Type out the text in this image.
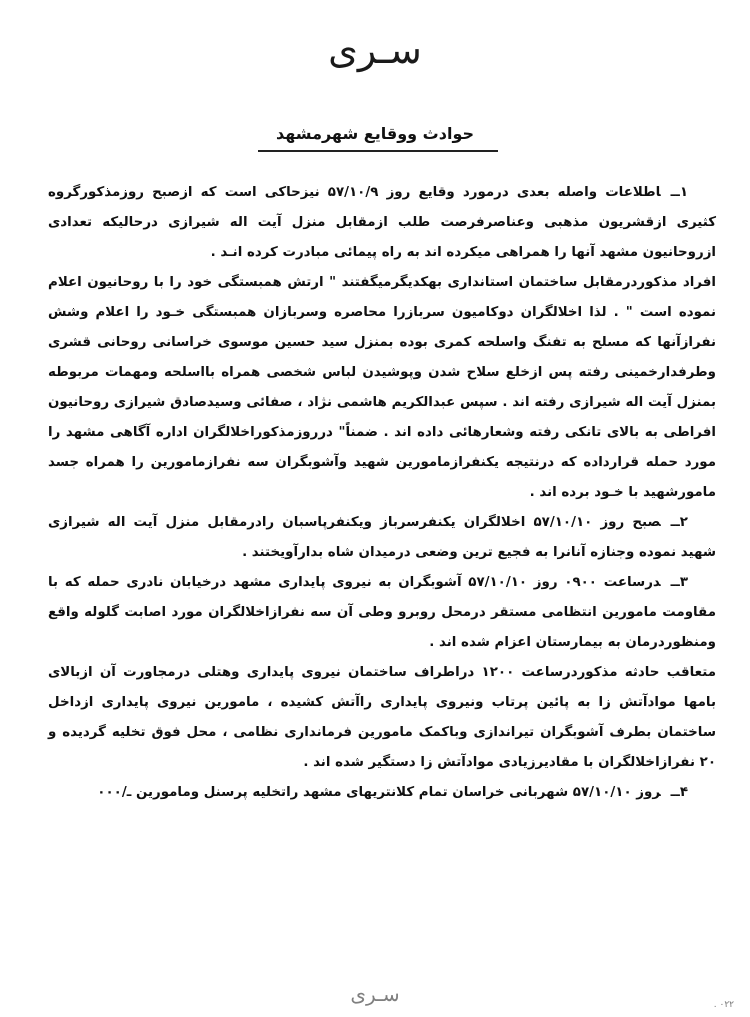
سـری
حوادث ووقایع شهرمشهد

۱ــاطلاعات واصله بعدی درمورد وقایع روز ۵۷/۱۰/۹ نیزحاکی است که ازصبح روزمذکورگروه کثیری ازقشریون مذهبی وعناصرفرصت طلب ازمقابل منزل آیت اله شیرازی درحالیکه تعدادی ازروحانیون مشهد آنها را همراهی میکرده اند به راه پیمائی مبادرت کرده انـد .

افراد مذکوردرمقابل ساختمان استانداری بهکدیگرمیگفتند " ارتش همبستگی خود را با روحانیون اعلام نموده است " . لذا اخلالگران دوکامیون سربازرا محاصره وسربازان همبستگی خـود را اعلام وشش نفرازآنها که مسلح به تفنگ واسلحه کمری بوده بمنزل سید حسین موسوی خراسانی روحانی قشری وطرفدارخمینی رفته پس ازخلع سلاح شدن وپوشیدن لباس شخصی همراه بااسلحه ومهمات مربوطه بمنزل آیت اله شیرازی رفته اند . سپس عبدالکریم هاشمی نژاد ، صفائی وسیدصادق شیرازی روحانیون افراطی به بالای تانکی رفته وشعارهائی داده اند . ضمناً" درروزمذکوراخلالگران اداره آگاهی مشهد را مورد حمله قرارداده که درنتیجه یکنفرازمامورین شهید وآشوبگران سه نفرازمامورین را همراه جسد مامورشهید با خـود برده اند .

۲ــصبح روز ۵۷/۱۰/۱۰ اخلالگران یکنفرسرباز ویکنفرپاسبان رادرمقابل منزل آیت اله شیرازی شهید نموده وجنازه آنانرا به فجیع ترین وضعی درمیدان شاه بدارآویختند .

۳ــدرساعت ۰۹۰۰ روز ۵۷/۱۰/۱۰ آشوبگران به نیروی پایداری مشهد درخیابان نادری حمله که با مقاومت مامورین انتظامی مستقر درمحل روبرو وطی آن سه نفرازاخلالگران مورد اصابت گلوله واقع ومنظوردرمان به بیمارستان اعزام شده اند .

متعاقب حادثه مذکوردرساعت ۱۲۰۰ دراطراف ساختمان نیروی پایداری وهتلی درمجاورت آن ازبالای بامها موادآتش زا به پائین پرتاب ونیروی پایداری راآتش کشیده ، مامورین نیروی پایداری ازداخل ساختمان بطرف آشوبگران تیراندازی وباکمک مامورین فرمانداری نظامی ، محل فوق تخلیه گردیده و ۲۰ نفرازاخلالگران با مقادیرزیادی موادآتش زا دستگیر شده اند .

۴ــروز ۵۷/۱۰/۱۰ شهربانی خراسان تمام کلانتریهای مشهد راتخلیه پرسنل ومامورین ـ/۰۰۰

سـری	۰۲۲ .
